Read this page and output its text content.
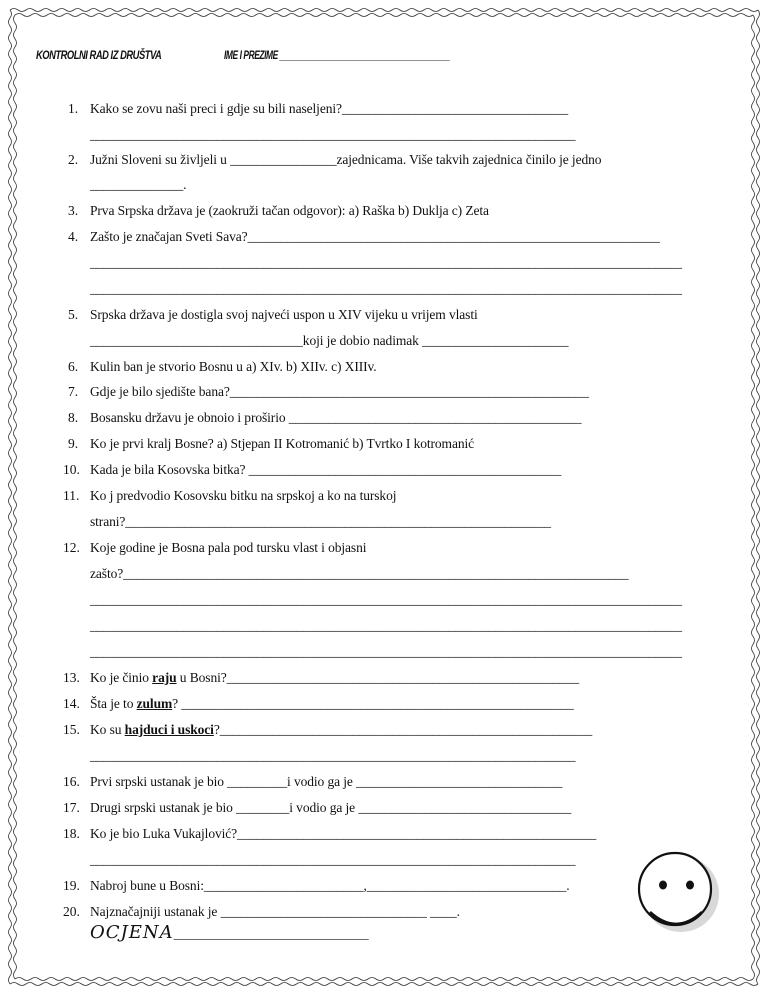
KONTROLNI RAD IZ DRUŠTVA	IME I PREZIME ________________________________________
1. Kako se zovu naši preci i gdje su bili naseljeni?__________________________________
_________________________________________________________________________
2. Južni Sloveni su življeli u ________________zajednicama. Više takvih zajednica činilo je jedno
______________.
3. Prva Srpska država je (zaokruži tačan odgovor): a) Raška b) Duklja c) Zeta
4. Zašto je značajan Sveti Sava?______________________________________________________________
_________________________________________________________________________________________
_________________________________________________________________________________________
5. Srpska država je dostigla svoj najveći uspon u XIV vijeku u vrijem vlasti
________________________________koji je dobio nadimak ______________________
6. Kulin ban je stvorio Bosnu u a) XIv. b) XIIv. c) XIIIv.
7. Gdje je bilo sjedište bana?______________________________________________________
8. Bosansku državu je obnoio i proširio ____________________________________________
9. Ko je prvi kralj Bosne? a) Stjepan II Kotromanić b) Tvrtko I kotromanić
10. Kada je bila Kosovska bitka? _______________________________________________
11. Ko j predvodio Kosovsku bitku na srpskoj a ko na turskoj
strani?________________________________________________________________
12. Koje godine je Bosna pala pod tursku vlast i objasni
zašto?____________________________________________________________________________
_________________________________________________________________________________________
_________________________________________________________________________________________
_________________________________________________________________________________________
13. Ko je činio raju u Bosni?_____________________________________________________
14. Šta je to zulum? ___________________________________________________________
15. Ko su hajduci i uskoci?________________________________________________________
_________________________________________________________________________
16. Prvi srpski ustanak je bio _________i vodio ga je _______________________________
17. Drugi srpski ustanak je bio ________i vodio ga je ________________________________
18. Ko je bio Luka Vukajlović?______________________________________________________
_________________________________________________________________________
19. Nabroj bune u Bosni:________________________,______________________________.
20. Najznačajniji ustanak je _______________________________ ____.
OCJENA______________________________
